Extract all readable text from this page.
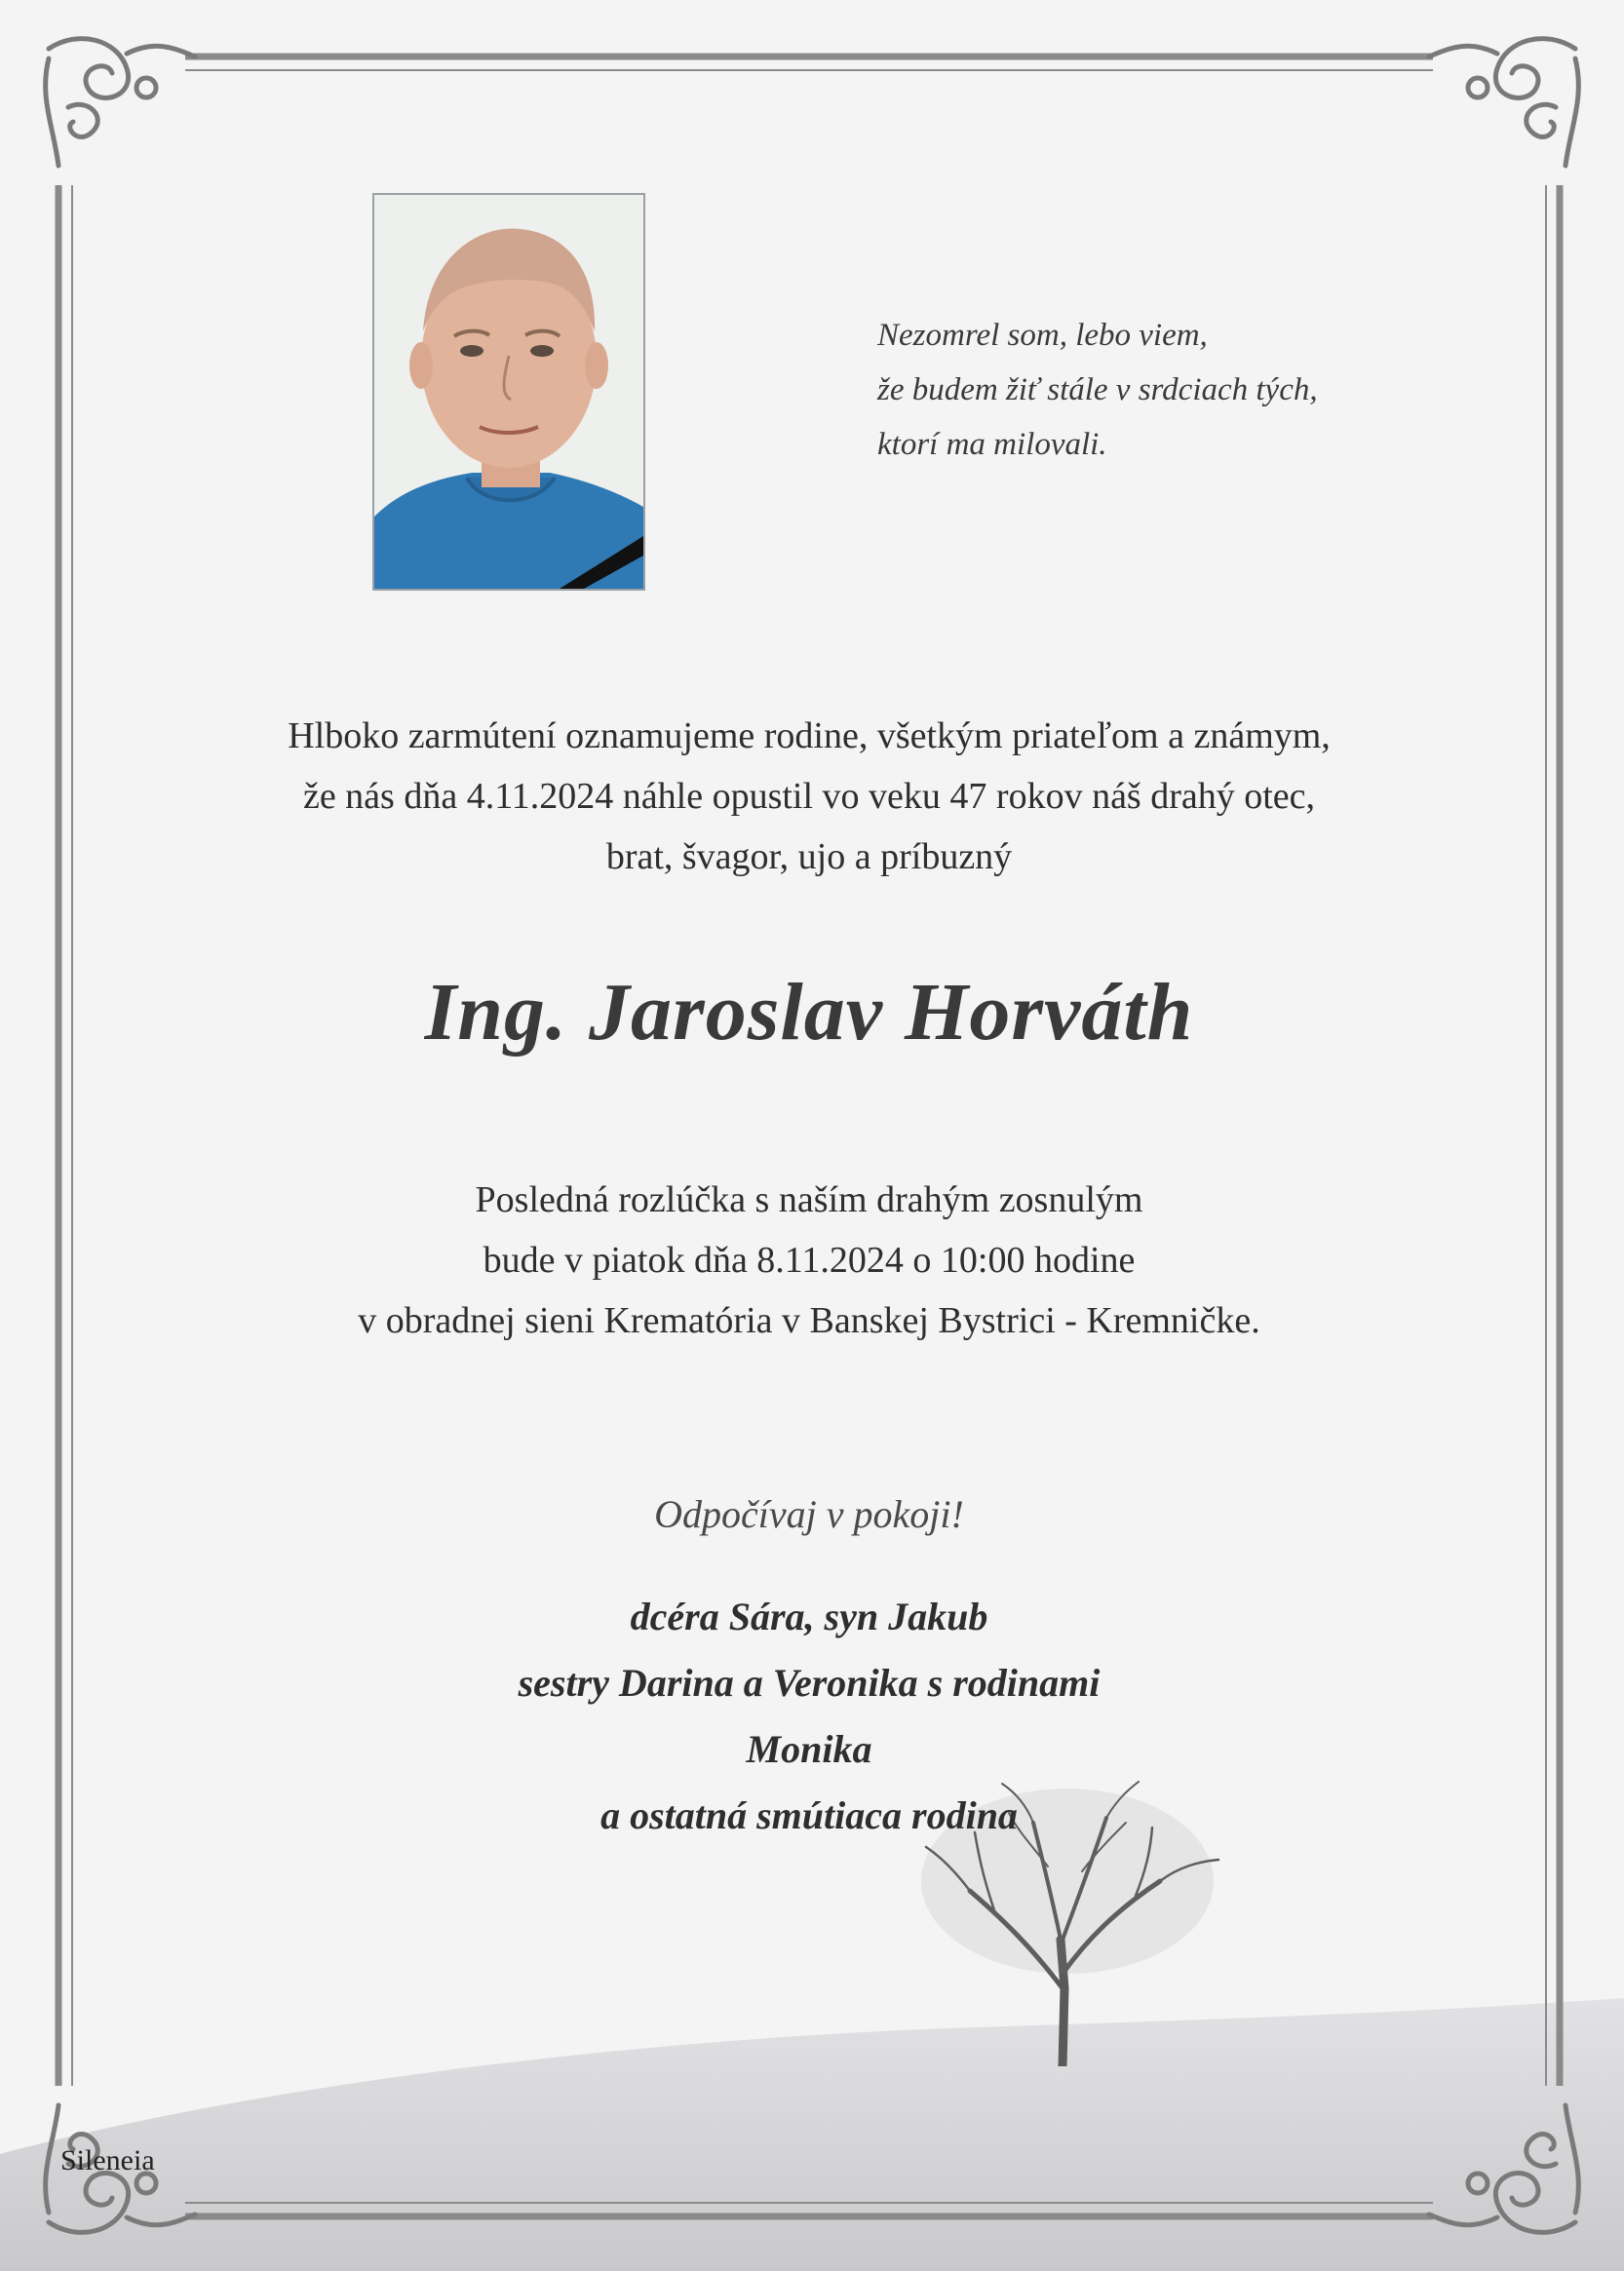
Nezomrel som, lebo viem,
že budem žiť stále v srdciach tých,
ktorí ma milovali.
Hlboko zarmútení oznamujeme rodine, všetkým priateľom a známym,
že nás dňa 4.11.2024 náhle opustil vo veku 47 rokov náš drahý otec,
brat, švagor, ujo a príbuzný
Ing. Jaroslav Horváth
Posledná rozlúčka s naším drahým zosnulým
bude v piatok dňa 8.11.2024 o 10:00 hodine
v obradnej sieni Krematória v Banskej Bystrici - Kremničke.
Odpočívaj v pokoji!
dcéra Sára, syn Jakub
sestry Darina a Veronika s rodinami
Monika
a ostatná smútiaca rodina
Sileneia
